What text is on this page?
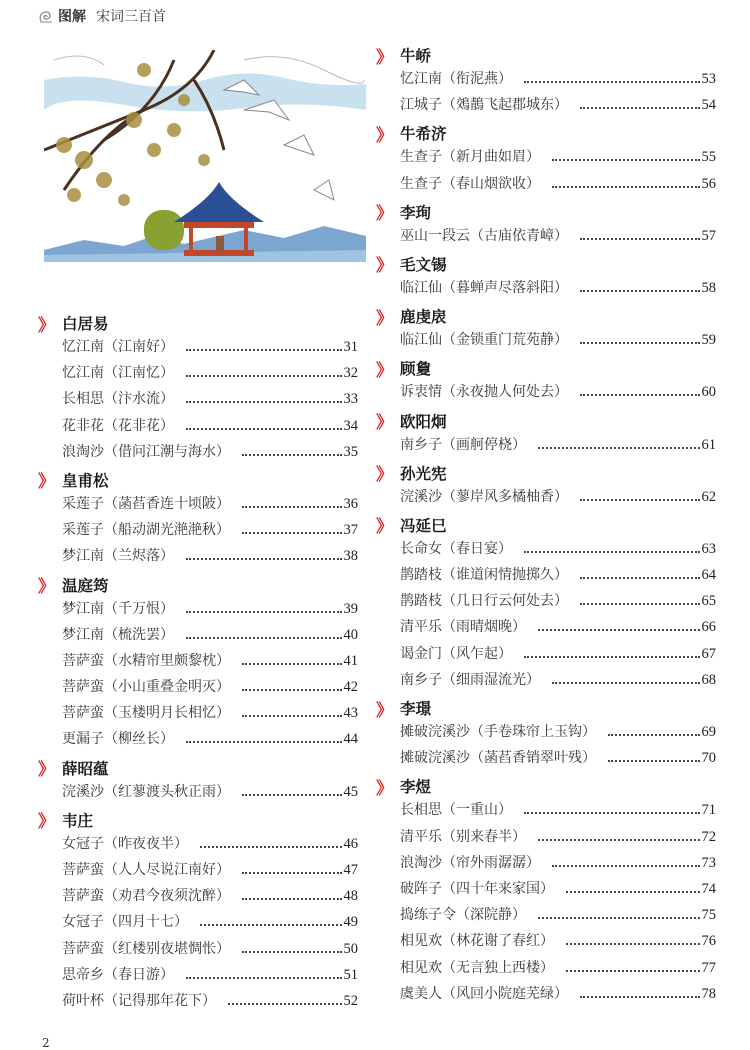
图解 宋词三百首
》 白居易
忆江南（江南好）	31
忆江南（江南忆）	32
长相思（汴水流）	33
花非花（花非花）	34
浪淘沙（借问江潮与海水）	35
》 皇甫松
采莲子（菡萏香连十顷陂）	36
采莲子（船动湖光滟滟秋）	37
梦江南（兰烬落）	38
》 温庭筠
梦江南（千万恨）	39
梦江南（梳洗罢）	40
菩萨蛮（水精帘里颇黎枕）	41
菩萨蛮（小山重叠金明灭）	42
菩萨蛮（玉楼明月长相忆）	43
更漏子（柳丝长）	44
》 薛昭蕴
浣溪沙（红蓼渡头秋正雨）	45
》 韦庄
女冠子（昨夜夜半）	46
菩萨蛮（人人尽说江南好）	47
菩萨蛮（劝君今夜须沈醉）	48
女冠子（四月十七）	49
菩萨蛮（红楼别夜堪惆怅）	50
思帝乡（春日游）	51
荷叶杯（记得那年花下）	52
》 牛峤
忆江南（衔泥燕）	53
江城子（鵁鶄飞起郡城东）	54
》 牛希济
生查子（新月曲如眉）	55
生查子（春山烟欲收）	56
》 李珣
巫山一段云（古庙依青嶂）	57
》 毛文锡
临江仙（暮蝉声尽落斜阳）	58
》 鹿虔扆
临江仙（金锁重门荒苑静）	59
》 顾敻
诉衷情（永夜抛人何处去）	60
》 欧阳炯
南乡子（画舸停桡）	61
》 孙光宪
浣溪沙（蓼岸风多橘柚香）	62
》 冯延巳
长命女（春日宴）	63
鹊踏枝（谁道闲情抛掷久）	64
鹊踏枝（几日行云何处去）	65
清平乐（雨晴烟晚）	66
谒金门（风乍起）	67
南乡子（细雨湿流光）	68
》 李璟
摊破浣溪沙（手卷珠帘上玉钩）	69
摊破浣溪沙（菡萏香销翠叶残）	70
》 李煜
长相思（一重山）	71
清平乐（别来春半）	72
浪淘沙（帘外雨潺潺）	73
破阵子（四十年来家国）	74
捣练子令（深院静）	75
相见欢（林花谢了春红）	76
相见欢（无言独上西楼）	77
虞美人（风回小院庭芜绿）	78
2
